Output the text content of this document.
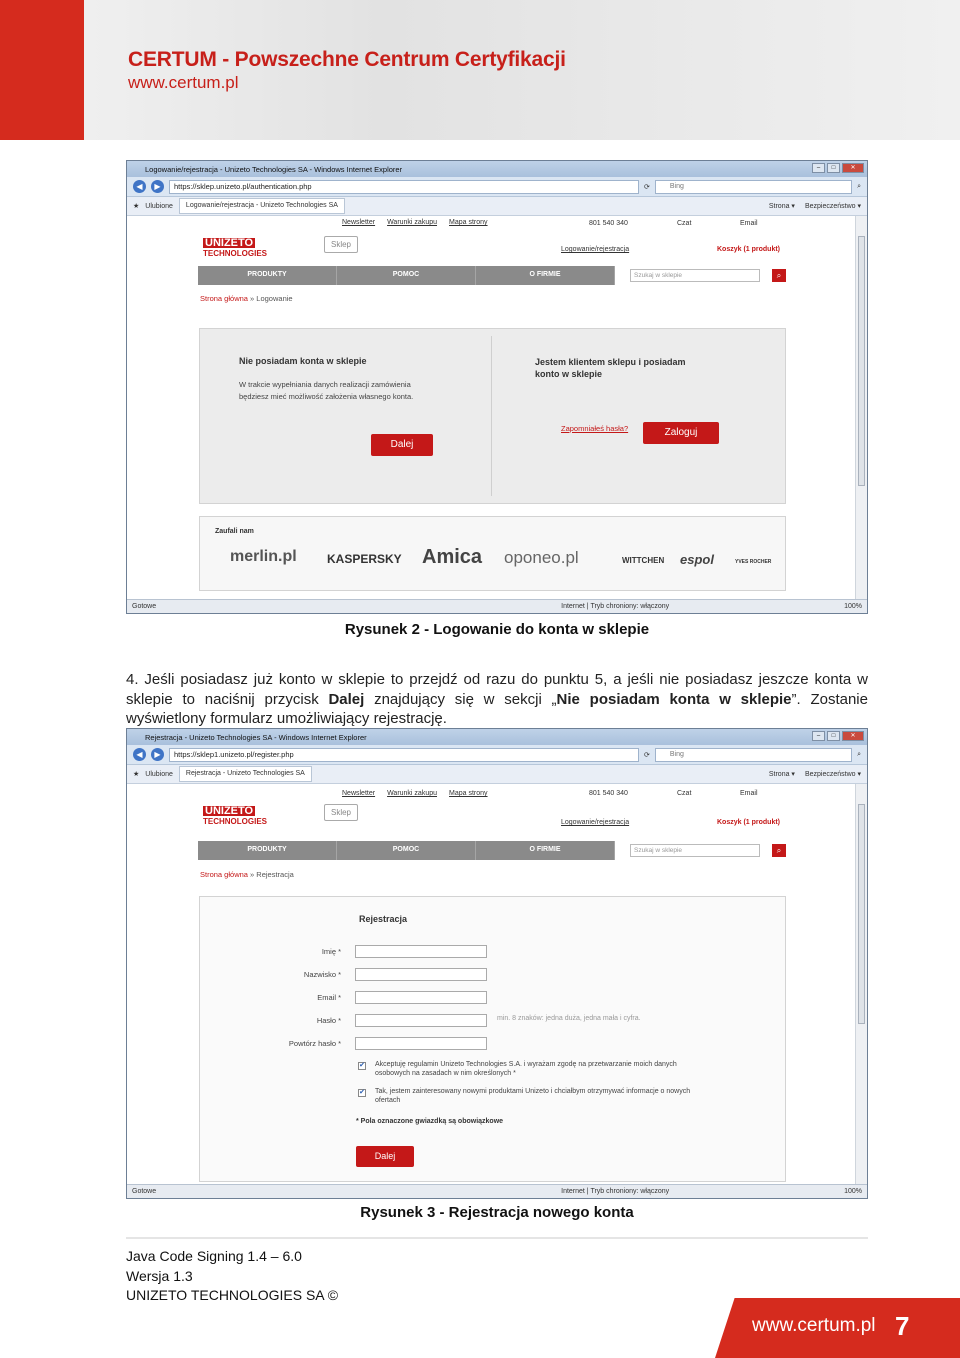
CERTUM - Powszechne Centrum Certyfikacji
www.certum.pl
Logowanie/rejestracja - Unizeto Technologies SA - Windows Internet Explorer	–	□	✕
◀	▶	https://sklep.unizeto.pl/authentication.php	⟳	Bing	⌕
★ Ulubione	Logowanie/rejestracja - Unizeto Technologies SA	Strona ▾ Bezpieczeństwo ▾
UNIZETO
TECHNOLOGIES
Sklep
Newsletter Warunki zakupu Mapa strony	801 540 340	Czat	Email
Logowanie/rejestracja	Koszyk (1 produkt)
PRODUKTY	POMOC	O FIRMIE	Szukaj w sklepie	⌕
Strona główna » Logowanie
Nie posiadam konta w sklepie
W trakcie wypełniania danych realizacji zamówienia będziesz mieć możliwość założenia własnego konta.
Dalej
Jestem klientem sklepu i posiadam konto w sklepie
Zapomniałeś hasła?	Zaloguj
Zaufali nam
merlin.pl	KASPERSKY Amica oponeo.pl	WITTCHEN espol	YVES ROCHER
Gotowe	Internet | Tryb chroniony: włączony	100%
Rysunek 2 - Logowanie do konta w sklepie
4. Jeśli posiadasz już konto w sklepie to przejdź od razu do punktu 5, a jeśli nie posiadasz jeszcze konta w sklepie to naciśnij przycisk Dalej znajdujący się w sekcji „Nie posiadam konta w sklepie”. Zostanie wyświetlony formularz umożliwiający rejestrację.
Rejestracja - Unizeto Technologies SA - Windows Internet Explorer	–	□	✕
◀	▶	https://sklep1.unizeto.pl/register.php	⟳	Bing	⌕
★ Ulubione	Rejestracja - Unizeto Technologies SA	Strona ▾ Bezpieczeństwo ▾
UNIZETO
TECHNOLOGIES
Sklep
Newsletter Warunki zakupu Mapa strony	801 540 340	Czat	Email
Logowanie/rejestracja	Koszyk (1 produkt)
PRODUKTY	POMOC	O FIRMIE	Szukaj w sklepie	⌕
Strona główna » Rejestracja
Rejestracja
Imię *
Nazwisko *
Email *
Hasło *	min. 8 znaków: jedna duża, jedna mała i cyfra.
Powtórz hasło *
✔ Akceptuję regulamin Unizeto Technologies S.A. i wyrażam zgodę na przetwarzanie moich danych osobowych na zasadach w nim określonych *
✔ Tak, jestem zainteresowany nowymi produktami Unizeto i chciałbym otrzymywać informacje o nowych ofertach
* Pola oznaczone gwiazdką są obowiązkowe
Dalej
Gotowe	Internet | Tryb chroniony: włączony	100%
Rysunek 3 - Rejestracja nowego konta
Java Code Signing 1.4 – 6.0
Wersja 1.3
UNIZETO TECHNOLOGIES SA ©
www.certum.pl 7
